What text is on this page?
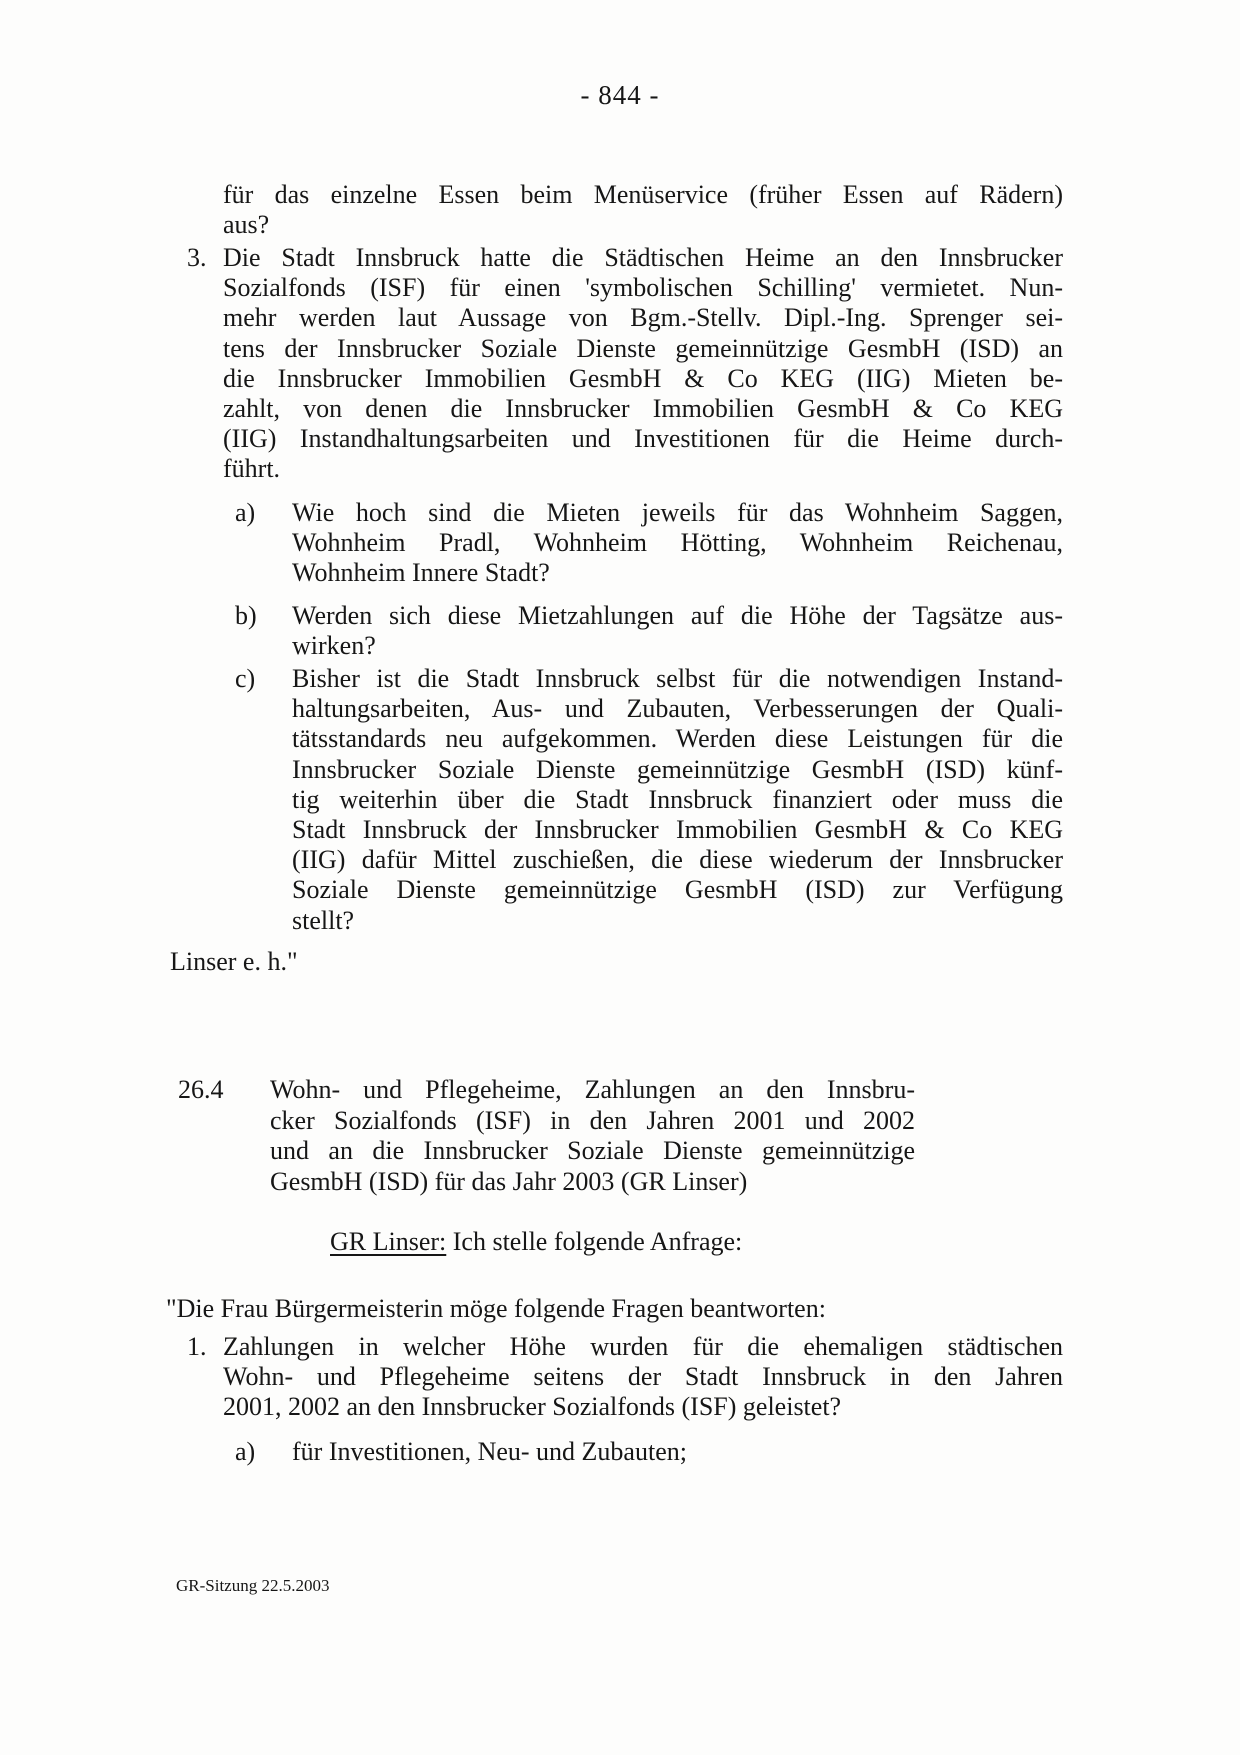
- 844 -
für das einzelne Essen beim Menüservice (früher Essen auf Rädern)
aus?
3. Die Stadt Innsbruck hatte die Städtischen Heime an den Innsbrucker
Sozialfonds (ISF) für einen 'symbolischen Schilling' vermietet. Nun-
mehr werden laut Aussage von Bgm.-Stellv. Dipl.-Ing. Sprenger sei-
tens der Innsbrucker Soziale Dienste gemeinnützige GesmbH (ISD) an
die Innsbrucker Immobilien GesmbH & Co KEG (IIG) Mieten be-
zahlt, von denen die Innsbrucker Immobilien GesmbH & Co KEG
(IIG) Instandhaltungsarbeiten und Investitionen für die Heime durch-
führt.
a) Wie hoch sind die Mieten jeweils für das Wohnheim Saggen,
Wohnheim Pradl, Wohnheim Hötting, Wohnheim Reichenau,
Wohnheim Innere Stadt?
b) Werden sich diese Mietzahlungen auf die Höhe der Tagsätze aus-
wirken?
c) Bisher ist die Stadt Innsbruck selbst für die notwendigen Instand-
haltungsarbeiten, Aus- und Zubauten, Verbesserungen der Quali-
tätsstandards neu aufgekommen. Werden diese Leistungen für die
Innsbrucker Soziale Dienste gemeinnützige GesmbH (ISD) künf-
tig weiterhin über die Stadt Innsbruck finanziert oder muss die
Stadt Innsbruck der Innsbrucker Immobilien GesmbH & Co KEG
(IIG) dafür Mittel zuschießen, die diese wiederum der Innsbrucker
Soziale Dienste gemeinnützige GesmbH (ISD) zur Verfügung
stellt?
Linser e. h."
26.4 Wohn- und Pflegeheime, Zahlungen an den Innsbru-
cker Sozialfonds (ISF) in den Jahren 2001 und 2002
und an die Innsbrucker Soziale Dienste gemeinnützige
GesmbH (ISD) für das Jahr 2003 (GR Linser)
GR Linser: Ich stelle folgende Anfrage:
"Die Frau Bürgermeisterin möge folgende Fragen beantworten:
1. Zahlungen in welcher Höhe wurden für die ehemaligen städtischen
Wohn- und Pflegeheime seitens der Stadt Innsbruck in den Jahren
2001, 2002 an den Innsbrucker Sozialfonds (ISF) geleistet?
a) für Investitionen, Neu- und Zubauten;
GR-Sitzung 22.5.2003
